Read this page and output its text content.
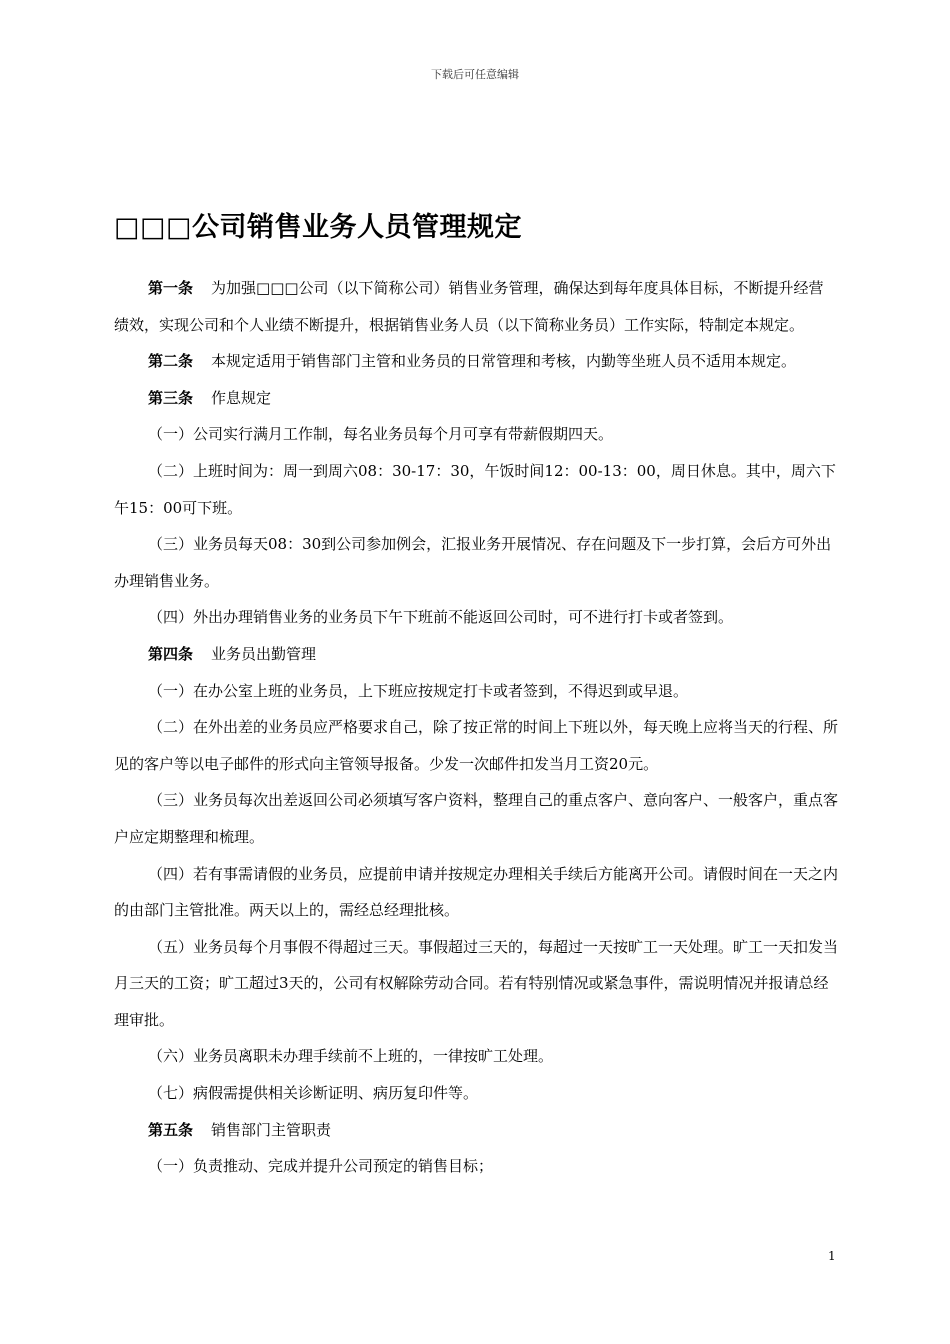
下载后可任意编辑
□□□公司销售业务人员管理规定

第一条 为加强□□□公司（以下简称公司）销售业务管理，确保达到每年度具体目标，不断提升经营绩效，实现公司和个人业绩不断提升，根据销售业务人员（以下简称业务员）工作实际，特制定本规定。

第二条 本规定适用于销售部门主管和业务员的日常管理和考核，内勤等坐班人员不适用本规定。

第三条 作息规定

（一）公司实行满月工作制，每名业务员每个月可享有带薪假期四天。

（二）上班时间为：周一到周六08：30-17：30，午饭时间12：00-13：00，周日休息。其中，周六下午15：00可下班。

（三）业务员每天08：30到公司参加例会，汇报业务开展情况、存在问题及下一步打算，会后方可外出办理销售业务。

（四）外出办理销售业务的业务员下午下班前不能返回公司时，可不进行打卡或者签到。

第四条 业务员出勤管理

（一）在办公室上班的业务员，上下班应按规定打卡或者签到，不得迟到或早退。

（二）在外出差的业务员应严格要求自己，除了按正常的时间上下班以外，每天晚上应将当天的行程、所见的客户等以电子邮件的形式向主管领导报备。少发一次邮件扣发当月工资20元。

（三）业务员每次出差返回公司必须填写客户资料，整理自己的重点客户、意向客户、一般客户，重点客户应定期整理和梳理。

（四）若有事需请假的业务员，应提前申请并按规定办理相关手续后方能离开公司。请假时间在一天之内的由部门主管批准。两天以上的，需经总经理批核。

（五）业务员每个月事假不得超过三天。事假超过三天的，每超过一天按旷工一天处理。旷工一天扣发当月三天的工资；旷工超过3天的，公司有权解除劳动合同。若有特别情况或紧急事件，需说明情况并报请总经理审批。

（六）业务员离职未办理手续前不上班的，一律按旷工处理。

（七）病假需提供相关诊断证明、病历复印件等。

第五条 销售部门主管职责

（一）负责推动、完成并提升公司预定的销售目标；

1
